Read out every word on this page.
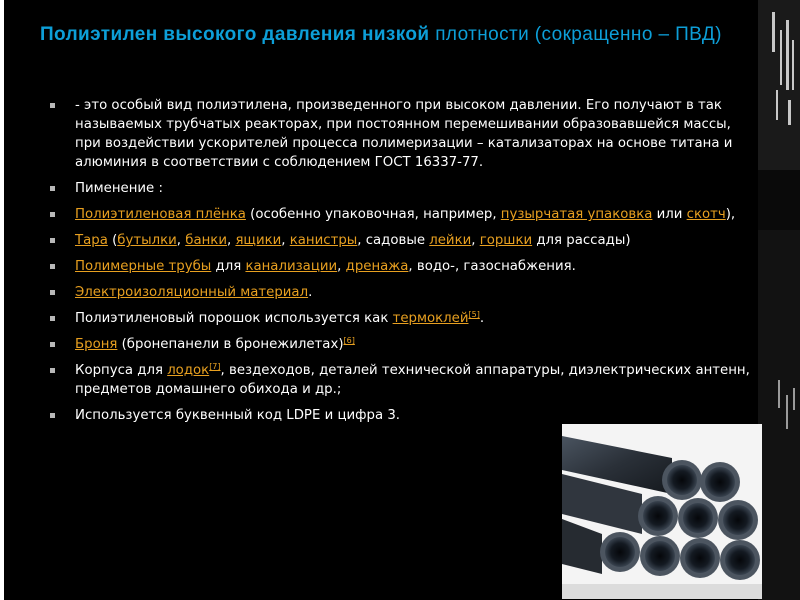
Полиэтилен высокого давления низкой плотности (сокращенно – ПВД)
- это особый вид полиэтилена, произведенного при высоком давлении. Его получают в так называемых трубчатых реакторах, при постоянном перемешивании образовавшейся массы, при воздействии ускорителей процесса полимеризации – катализаторах на основе титана и алюминия в соответствии с соблюдением ГОСТ 16337-77.
Пименение :
Полиэтиленовая плёнка (особенно упаковочная, например, пузырчатая упаковка или скотч),
Тара (бутылки, банки, ящики, канистры, садовые лейки, горшки для рассады)
Полимерные трубы для канализации, дренажа, водо-, газоснабжения.
Электроизоляционный материал.
Полиэтиленовый порошок используется как термоклей[5].
Броня (бронепанели в бронежилетах)[6]
Корпуса для лодок[7], вездеходов, деталей технической аппаратуры, диэлектрических антенн, предметов домашнего обихода и др.;
Используется буквенный код LDPE и цифра 3.
